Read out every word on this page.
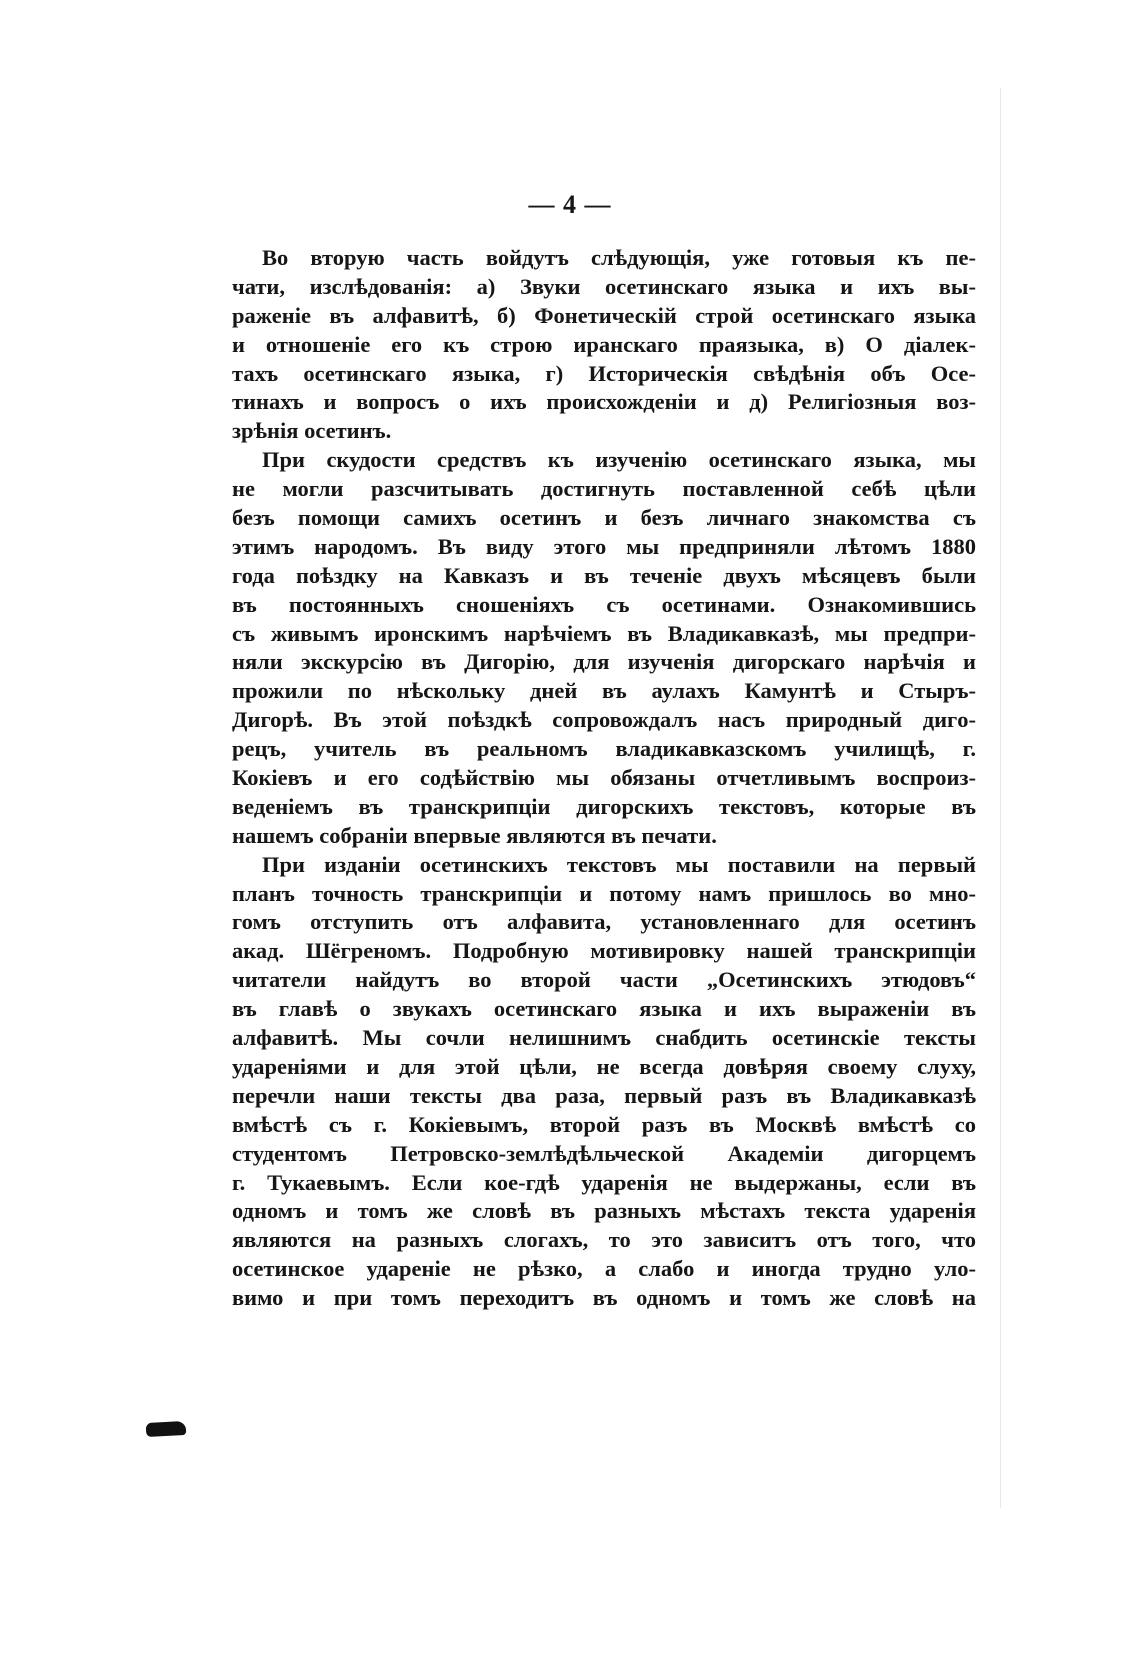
— 4 —
Во вторую часть войдутъ слѣдующія, уже готовыя къ пе-
чати, изслѣдованія: а) Звуки осетинскаго языка и ихъ вы-
раженіе въ алфавитѣ, б) Фонетическій строй осетинскаго языка
и отношеніе его къ строю иранскаго праязыка, в) О діалек-
тахъ осетинскаго языка, г) Историческія свѣдѣнія объ Осе-
тинахъ и вопросъ о ихъ происхожденіи и д) Религіозныя воз-
зрѣнія осетинъ.
При скудости средствъ къ изученію осетинскаго языка, мы
не могли разсчитывать достигнуть поставленной себѣ цѣли
безъ помощи самихъ осетинъ и безъ личнаго знакомства съ
этимъ народомъ. Въ виду этого мы предприняли лѣтомъ 1880
года поѣздку на Кавказъ и въ теченіе двухъ мѣсяцевъ были
въ постоянныхъ сношеніяхъ съ осетинами. Ознакомившись
съ живымъ иронскимъ нарѣчіемъ въ Владикавказѣ, мы предпри-
няли экскурсію въ Дигорію, для изученія дигорскаго нарѣчія и
прожили по нѣскольку дней въ аулахъ Камунтѣ и Стыръ-
Дигорѣ. Въ этой поѣздкѣ сопровождалъ насъ природный дигo-
рецъ, учитель въ реальномъ владикавказскомъ училищѣ, г.
Кокіевъ и его содѣйствію мы обязаны отчетливымъ воспроиз-
веденіемъ въ транскрипціи дигорскихъ текстовъ, которые въ
нашемъ собраніи впервые являются въ печати.
При изданіи осетинскихъ текстовъ мы поставили на первый
планъ точность транскрипціи и потому намъ пришлось во мно-
гомъ отступить отъ алфавита, установленнаго для осетинъ
акад. Шёгреномъ. Подробную мотивировку нашей транскрипціи
читатели найдутъ во второй части „Осетинскихъ этюдовъ“
въ главѣ о звукахъ осетинскаго языка и ихъ выраженіи въ
алфавитѣ. Мы сочли нелишнимъ снабдить осетинскіе тексты
удареніями и для этой цѣли, не всегда довѣряя своему слуху,
перечли наши тексты два раза, первый разъ въ Владикавказѣ
вмѣстѣ съ г. Кокіевымъ, второй разъ въ Москвѣ вмѣстѣ со
студентомъ Петровско-землѣдѣльческой Академіи дигорцемъ
г. Тукаевымъ. Если кое-гдѣ ударенія не выдержаны, если въ
одномъ и томъ же словѣ въ разныхъ мѣстахъ текста ударенія
являются на разныхъ слогахъ, то это зависитъ отъ того, что
осетинское удареніе не рѣзко, а слабо и иногда трудно уло-
вимо и при томъ переходитъ въ одномъ и томъ же словѣ на
